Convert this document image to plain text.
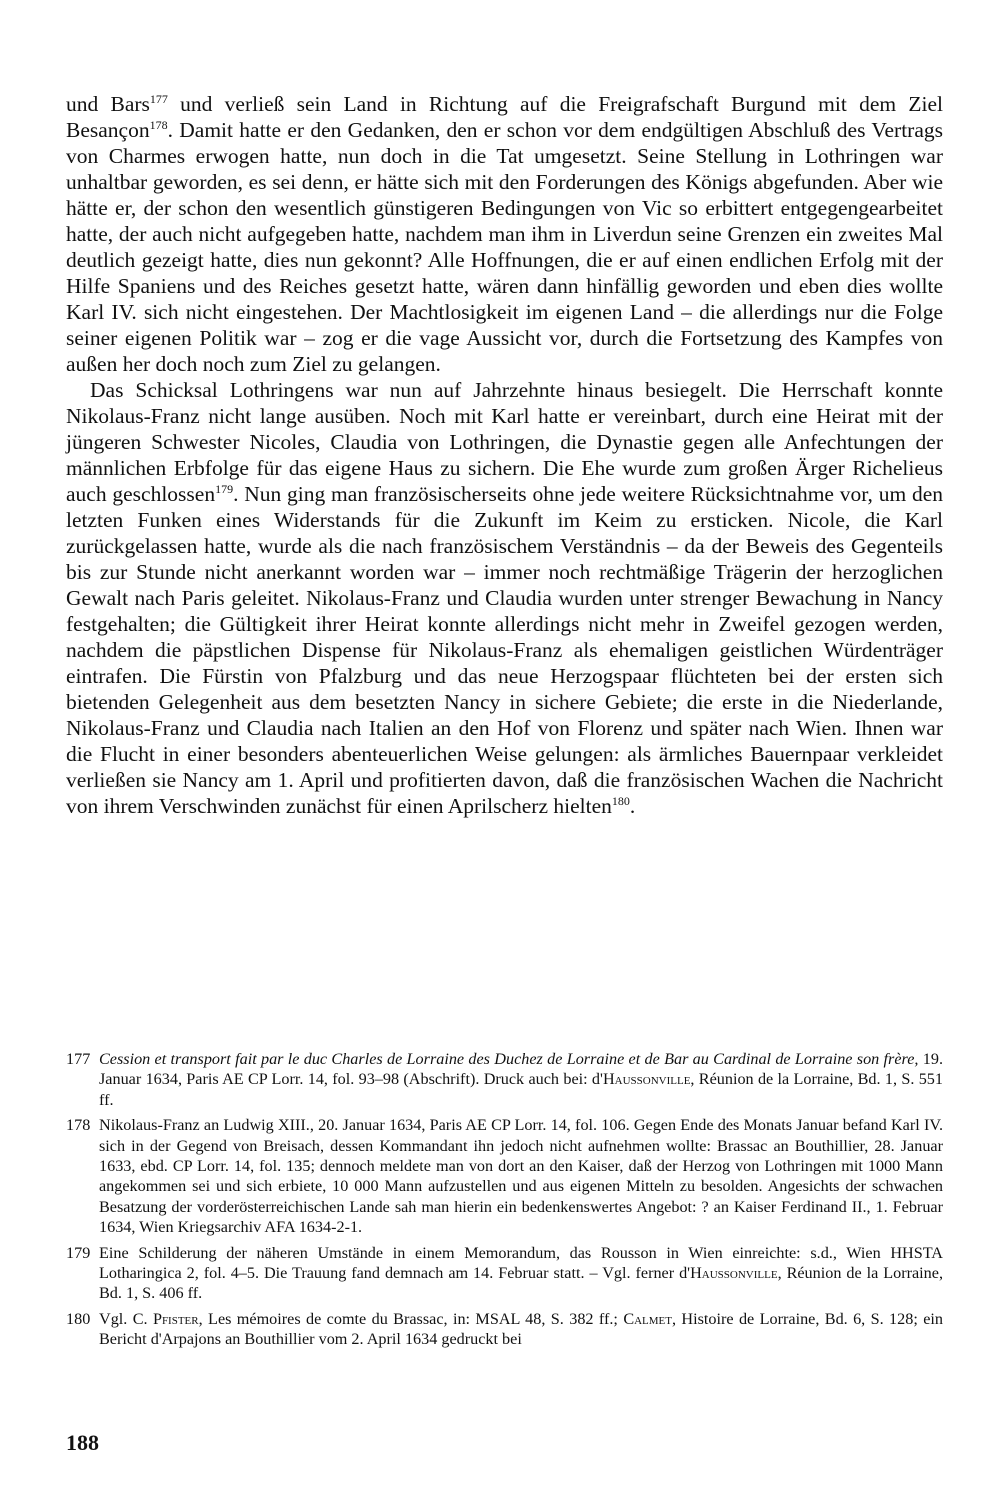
und Bars$^{177}$ und verließ sein Land in Richtung auf die Freigrafschaft Burgund mit dem Ziel Besançon$^{178}$. Damit hatte er den Gedanken, den er schon vor dem endgültigen Abschluß des Vertrags von Charmes erwogen hatte, nun doch in die Tat umgesetzt. Seine Stellung in Lothringen war unhaltbar geworden, es sei denn, er hätte sich mit den Forderungen des Königs abgefunden. Aber wie hätte er, der schon den wesentlich günstigeren Bedingungen von Vic so erbittert entgegengearbeitet hatte, der auch nicht aufgegeben hatte, nachdem man ihm in Liverdun seine Grenzen ein zweites Mal deutlich gezeigt hatte, dies nun gekonnt? Alle Hoffnungen, die er auf einen endlichen Erfolg mit der Hilfe Spaniens und des Reiches gesetzt hatte, wären dann hinfällig geworden und eben dies wollte Karl IV. sich nicht eingestehen. Der Machtlosigkeit im eigenen Land – die allerdings nur die Folge seiner eigenen Politik war – zog er die vage Aussicht vor, durch die Fortsetzung des Kampfes von außen her doch noch zum Ziel zu gelangen.

Das Schicksal Lothringens war nun auf Jahrzehnte hinaus besiegelt. Die Herrschaft konnte Nikolaus-Franz nicht lange ausüben. Noch mit Karl hatte er vereinbart, durch eine Heirat mit der jüngeren Schwester Nicoles, Claudia von Lothringen, die Dynastie gegen alle Anfechtungen der männlichen Erbfolge für das eigene Haus zu sichern. Die Ehe wurde zum großen Ärger Richelieus auch geschlossen$^{179}$. Nun ging man französischerseits ohne jede weitere Rücksichtnahme vor, um den letzten Funken eines Widerstands für die Zukunft im Keim zu ersticken. Nicole, die Karl zurückgelassen hatte, wurde als die nach französischem Verständnis – da der Beweis des Gegenteils bis zur Stunde nicht anerkannt worden war – immer noch rechtmäßige Trägerin der herzoglichen Gewalt nach Paris geleitet. Nikolaus-Franz und Claudia wurden unter strenger Bewachung in Nancy festgehalten; die Gültigkeit ihrer Heirat konnte allerdings nicht mehr in Zweifel gezogen werden, nachdem die päpstlichen Dispense für Nikolaus-Franz als ehemaligen geistlichen Würdenträger eintrafen. Die Fürstin von Pfalzburg und das neue Herzogspaar flüchteten bei der ersten sich bietenden Gelegenheit aus dem besetzten Nancy in sichere Gebiete; die erste in die Niederlande, Nikolaus-Franz und Claudia nach Italien an den Hof von Florenz und später nach Wien. Ihnen war die Flucht in einer besonders abenteuerlichen Weise gelungen: als ärmliches Bauernpaar verkleidet verließen sie Nancy am 1. April und profitierten davon, daß die französischen Wachen die Nachricht von ihrem Verschwinden zunächst für einen Aprilscherz hielten$^{180}$.

177 Cession et transport fait par le duc Charles de Lorraine des Duchez de Lorraine et de Bar au Cardinal de Lorraine son frère, 19. Januar 1634, Paris AE CP Lorr. 14, fol. 93–98 (Abschrift). Druck auch bei: d'Haussonville, Réunion de la Lorraine, Bd. 1, S. 551 ff.
178 Nikolaus-Franz an Ludwig XIII., 20. Januar 1634, Paris AE CP Lorr. 14, fol. 106. Gegen Ende des Monats Januar befand Karl IV. sich in der Gegend von Breisach, dessen Kommandant ihn jedoch nicht aufnehmen wollte: Brassac an Bouthillier, 28. Januar 1633, ebd. CP Lorr. 14, fol. 135; dennoch meldete man von dort an den Kaiser, daß der Herzog von Lothringen mit 1000 Mann angekommen sei und sich erbiete, 10 000 Mann aufzustellen und aus eigenen Mitteln zu besolden. Angesichts der schwachen Besatzung der vorderösterreichischen Lande sah man hierin ein bedenkenswertes Angebot: ? an Kaiser Ferdinand II., 1. Februar 1634, Wien Kriegsarchiv AFA 1634-2-1.
179 Eine Schilderung der näheren Umstände in einem Memorandum, das Rousson in Wien einreichte: s.d., Wien HHSTA Lotharingica 2, fol. 4–5. Die Trauung fand demnach am 14. Februar statt. – Vgl. ferner d'Haussonville, Réunion de la Lorraine, Bd. 1, S. 406 ff.
180 Vgl. C. Pfister, Les mémoires de comte du Brassac, in: MSAL 48, S. 382 ff.; Calmet, Histoire de Lorraine, Bd. 6, S. 128; ein Bericht d'Arpajons an Bouthillier vom 2. April 1634 gedruckt bei
188
